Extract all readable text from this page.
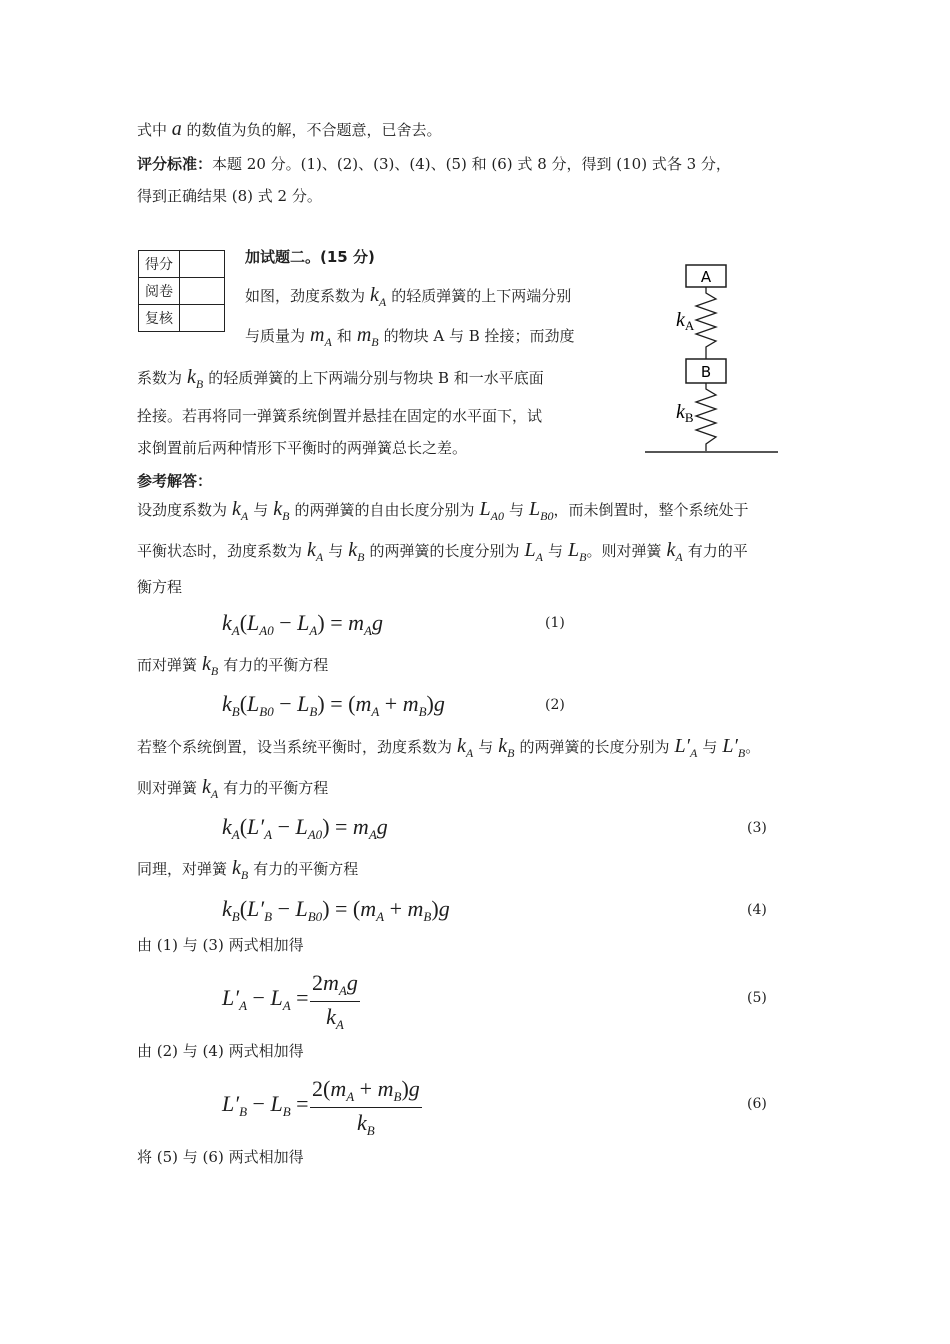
式中 a 的数值为负的解，不合题意，已舍去。
评分标准：本题 20 分。(1)、(2)、(3)、(4)、(5) 和 (6) 式 8 分，得到 (10) 式各 3 分，
得到正确结果 (8) 式 2 分。
得分	
阅卷	
复核	
加试题二。(15 分)
如图，劲度系数为 $k_A$ 的轻质弹簧的上下两端分别
与质量为 $m_A$ 和 $m_B$ 的物块 A 与 B 拴接；而劲度
系数为 $k_B$ 的轻质弹簧的上下两端分别与物块 B 和一水平底面
拴接。若再将同一弹簧系统倒置并悬挂在固定的水平面下，试
求倒置前后两种情形下平衡时的两弹簧总长之差。
A
$k_A$
B
$k_B$
参考解答：
设劲度系数为 $k_A$ 与 $k_B$ 的两弹簧的自由长度分别为 $L_{A0}$ 与 $L_{B0}$，而未倒置时，整个系统处于
平衡状态时，劲度系数为 $k_A$ 与 $k_B$ 的两弹簧的长度分别为 $L_A$ 与 $L_B$。则对弹簧 $k_A$ 有力的平
衡方程
$k_A(L_{A0} - L_A) = m_Ag$	(1)
而对弹簧 $k_B$ 有力的平衡方程
$k_B(L_{B0} - L_B) = (m_A + m_B)g$	(2)
若整个系统倒置，设当系统平衡时，劲度系数为 $k_A$ 与 $k_B$ 的两弹簧的长度分别为 $L'_A$ 与 $L'_B$。
则对弹簧 $k_A$ 有力的平衡方程
$k_A(L'_A - L_{A0}) = m_Ag$	(3)
同理，对弹簧 $k_B$ 有力的平衡方程
$k_B(L'_B - L_{B0}) = (m_A + m_B)g$	(4)
由 (1) 与 (3) 两式相加得
$L'_A - L_A$ =
$2m_Ag$
$k_A$
(5)
由 (2) 与 (4) 两式相加得
$L'_B - L_B = \frac{2(m_A + m_B)g}{k_B}$	(6)
将 (5) 与 (6) 两式相加得
